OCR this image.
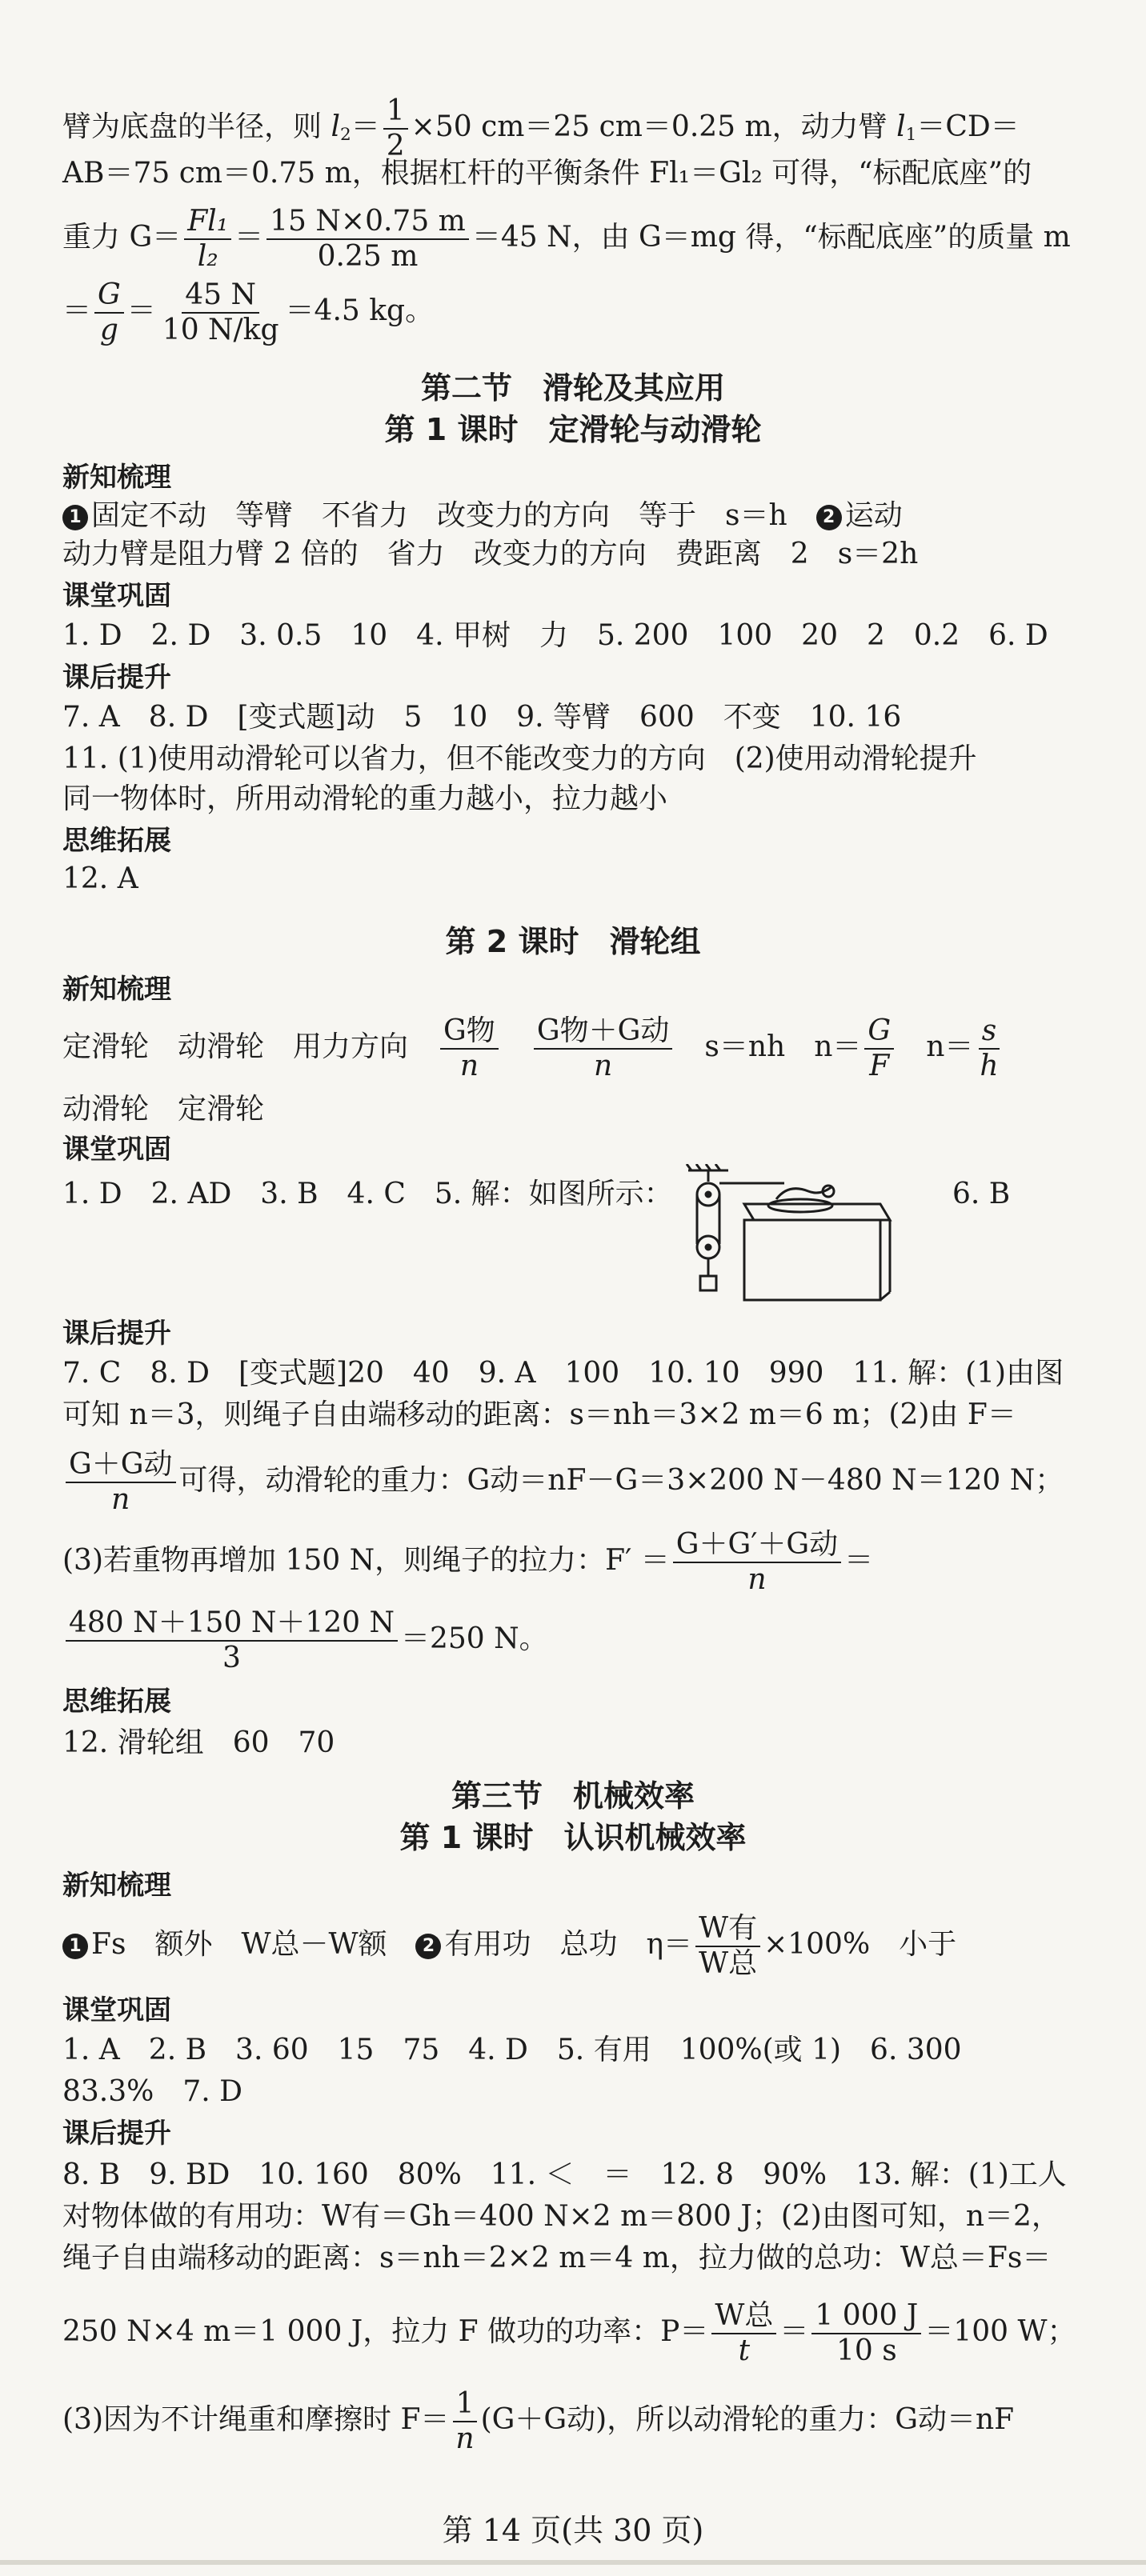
臂为底盘的半径，则 $l_2= \frac{1}{2} \times 50$ cm＝25 cm＝0.25 m，动力臂 $l_1=CD=$
AB＝75 cm＝0.75 m，根据杠杆的平衡条件 Fl₁＝Gl₂ 可得，“标配底座”的
重力 $G= \frac{\text{Fl₁}}{\text{l₂}} = \frac{15 N\times 0.75 m}{0.25 m} =45$ N，由 G＝mg 得，“标配底座”的质量 m
＝ $\frac{G}{g} = \frac{45 N}{10 N/kg} =4.5$ kg。
第二节　滑轮及其应用
第 1 课时　定滑轮与动滑轮
新知梳理
1 固定不动　等臂　不省力　改变力的方向　等于　s＝h　 2 运动
动力臂是阻力臂 2 倍的　省力　改变力的方向　费距离　2　s＝2h
课堂巩固
1. D　2. D　3. 0.5　10　4. 甲树　力　5. 200　100　20　2　0.2　6. D
课后提升
7. A　8. D　[变式题]动　5　10　9. 等臂　600　不变　10. 16
11. (1)使用动滑轮可以省力，但不能改变力的方向　(2)使用动滑轮提升
同一物体时，所用动滑轮的重力越小，拉力越小
思维拓展
12. A
第 2 课时　滑轮组
新知梳理
定滑轮　动滑轮　用力方向　 G物
n

G物＋G动
n
　s＝nh　$n= \frac{G}{F}$
　 $n= \frac{s}{h}$
动滑轮　定滑轮
课堂巩固
1. D　2. AD　3. B　4. C　5. 解：如图所示：	6. B
课后提升
7. C　8. D　[变式题]20　40　9. A　100　10. 10　990　11. 解：(1)由图
可知 n＝3，则绳子自由端移动的距离：s＝nh＝3×2 m＝6 m；(2)由 F＝
G＋G动
n
可得，动滑轮的重力：G动＝nF－G＝3×200 N－480 N＝120 N；
(3)若重物再增加 150 N，则绳子的拉力：F′ ＝ G＋G′＋G动
n
＝
$\frac{480 N+150 N+120 N}{3} =250$ N。
思维拓展
12. 滑轮组　60　70
第三节　机械效率
第 1 课时　认识机械效率
新知梳理
1 Fs　额外　W总－W额　 2 有用功　总功　η＝ W有
W总
×100%　小于
课堂巩固
1. A　2. B　3. 60　15　75　4. D　5. 有用　100%(或 1)　6. 300
83.3%　7. D
课后提升
8. B　9. BD　10. 160　80%　11. ＜　＝　12. 8　90%　13. 解：(1)工人
对物体做的有用功：W有＝Gh＝400 N×2 m＝800 J；(2)由图可知，n＝2，
绳子自由端移动的距离：s＝nh＝2×2 m＝4 m，拉力做的总功：W总＝Fs＝
250 N×4 m＝1 000 J，拉力 F 做功的功率：P＝ W总
t
＝ $\frac{1 000 J}{10 s} =100$ W；
(3)因为不计绳重和摩擦时 $F= \frac{1}{n} (G+G$动)，所以动滑轮的重力：G动＝nF
第 14 页(共 30 页)
